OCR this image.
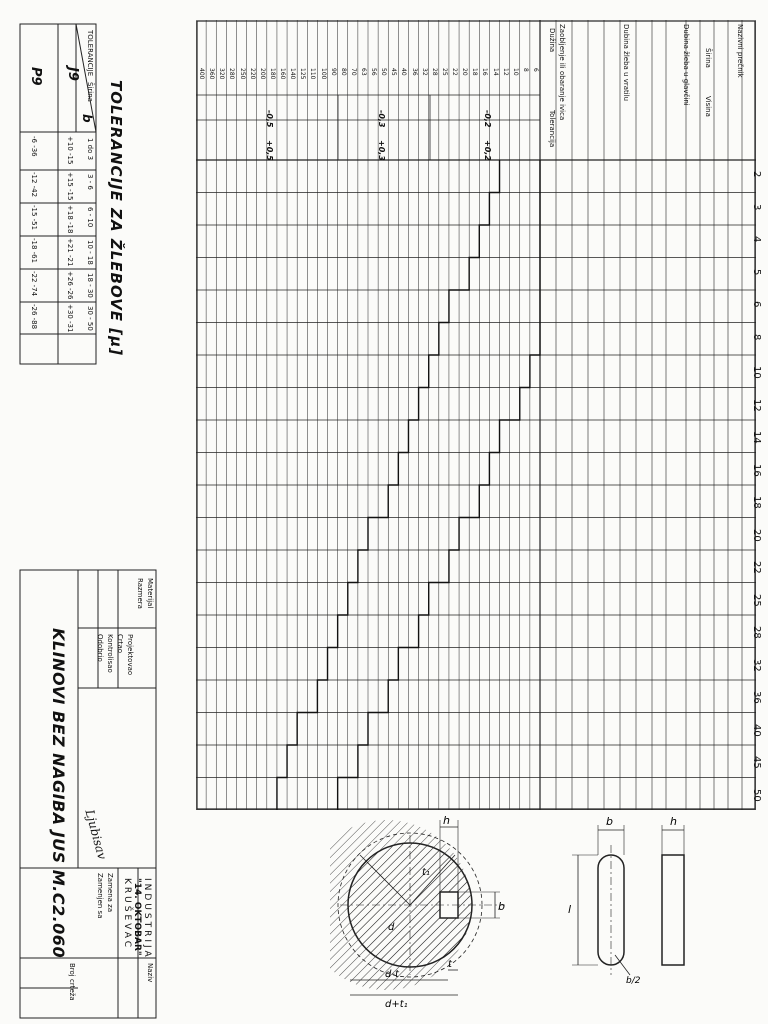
J9
P9
TOLERANCIJE
Širina
b
1 do 3
3 - 6
6 - 10
10 - 18
18 - 30
30 - 50
+10 -15
+15 -15
+18 -18
+21 -21
+26 -26
+30 -31
-6 -36
-12 -42
-15 -51
-18 -61
-22 -74
-26 -88	TOLERANCIJE ZA ŽLEBOVE [μ]
Širina
Visina
Dubina žleba u glavčini
Dubina žleba u vratilu	Nazivni prečnik
Zaobljenje ili obaranje ivica
Dužina
Tolerancija
2
3
4
5
6
8
10
12
14
16
18
20
22
25
28
32
36
40
45
50
6
8
10
12
14
16
18
20
22
25
28
32
36
40
45
50
56
63
70
80
90
100
110
125
140
160
180
200
220
250
280
320
360
400
-0,2
+0,2
-0,3
+0,3
-0,5
+0,5
KLINOVI BEZ NAGIBA JUS M.C2.060 Ljubisav
Materijal
Razmera
Projektovao
Crtao
Kontrolisao
Odobrio
Zamena za
Zamenjen sa
Naziv
Broj crteža
INDUSTRIJA
"14. OKTOBAR"
KRUŠEVAC
h
b
t₁
d
d-t
d+t₁
t
b
l
b/2
h
